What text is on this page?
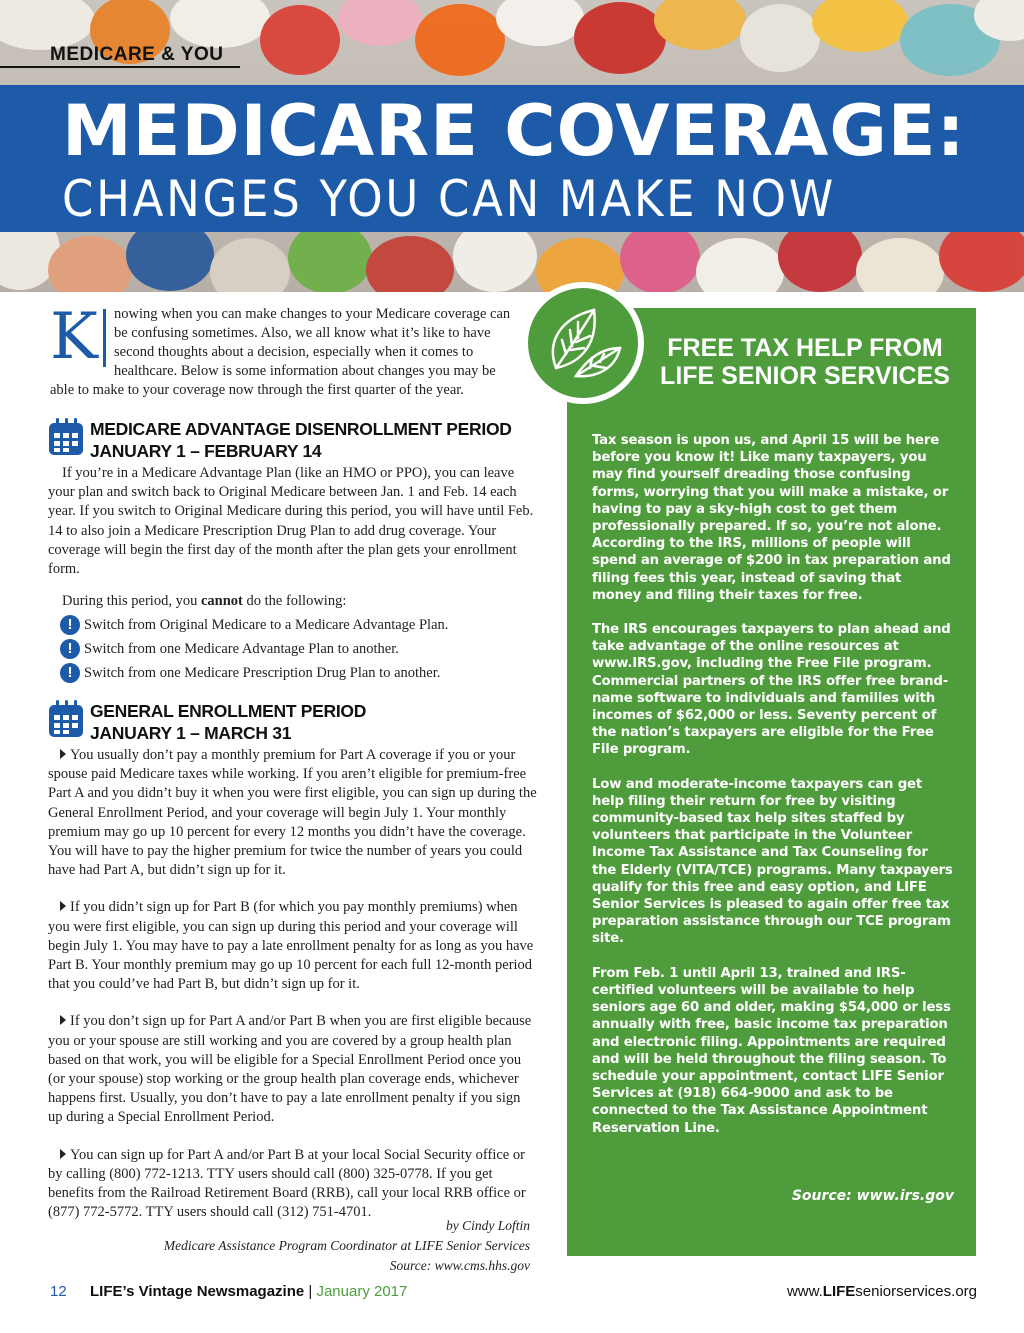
MEDICARE & YOU
MEDICARE COVERAGE:
CHANGES YOU CAN MAKE NOW
K	nowing when you can make changes to your Medicare coverage can be confusing sometimes. Also, we all know what it’s like to have second thoughts about a decision, especially when it comes to healthcare. Below is some information about changes you may be able to make to your coverage now through the first quarter of the year.
MEDICARE ADVANTAGE DISENROLLMENT PERIOD
JANUARY 1 – FEBRUARY 14

If you’re in a Medicare Advantage Plan (like an HMO or PPO), you can leave your plan and switch back to Original Medicare between Jan. 1 and Feb. 14 each year. If you switch to Original Medicare during this period, you will have until Feb. 14 to also join a Medicare Prescription Drug Plan to add drug coverage. Your coverage will begin the first day of the month after the plan gets your enrollment form.

During this period, you cannot do the following:

! Switch from Original Medicare to a Medicare Advantage Plan.
! Switch from one Medicare Advantage Plan to another.
! Switch from one Medicare Prescription Drug Plan to another.
GENERAL ENROLLMENT PERIOD
JANUARY 1 – MARCH 31

You usually don’t pay a monthly premium for Part A coverage if you or your spouse paid Medicare taxes while working. If you aren’t eligible for premium-free Part A and you didn’t buy it when you were first eligible, you can sign up during the General Enrollment Period, and your coverage will begin July 1. Your monthly premium may go up 10 percent for every 12 months you didn’t have the coverage. You will have to pay the higher premium for twice the number of years you could have had Part A, but didn’t sign up for it.

If you didn’t sign up for Part B (for which you pay monthly premiums) when you were first eligible, you can sign up during this period and your coverage will begin July 1. You may have to pay a late enrollment penalty for as long as you have Part B. Your monthly premium may go up 10 percent for each full 12-month period that you could’ve had Part B, but didn’t sign up for it.

If you don’t sign up for Part A and/or Part B when you are first eligible because you or your spouse are still working and you are covered by a group health plan based on that work, you will be eligible for a Special Enrollment Period once you (or your spouse) stop working or the group health plan coverage ends, whichever happens first. Usually, you don’t have to pay a late enrollment penalty if you sign up during a Special Enrollment Period.

You can sign up for Part A and/or Part B at your local Social Security office or by calling (800) 772-1213. TTY users should call (800) 325-0778. If you get benefits from the Railroad Retirement Board (RRB), call your local RRB office or (877) 772-5772. TTY users should call (312) 751-4701.

by Cindy Loftin
Medicare Assistance Program Coordinator at LIFE Senior Services
Source: www.cms.hhs.gov
FREE TAX HELP FROM
LIFE SENIOR SERVICES

Tax season is upon us, and April 15 will be here before you know it! Like many taxpayers, you may find yourself dreading those confusing forms, worrying that you will make a mistake, or having to pay a sky-high cost to get them professionally prepared. If so, you’re not alone. According to the IRS, millions of people will spend an average of $200 in tax preparation and filing fees this year, instead of saving that money and filing their taxes for free.

The IRS encourages taxpayers to plan ahead and take advantage of the online resources at www.IRS.gov, including the Free File program. Commercial partners of the IRS offer free brand-name software to individuals and families with incomes of $62,000 or less. Seventy percent of the nation’s taxpayers are eligible for the Free File program.

Low and moderate-income taxpayers can get help filing their return for free by visiting community-based tax help sites staffed by volunteers that participate in the Volunteer Income Tax Assistance and Tax Counseling for the Elderly (VITA/TCE) programs. Many taxpayers qualify for this free and easy option, and LIFE Senior Services is pleased to again offer free tax preparation assistance through our TCE program site.

From Feb. 1 until April 13, trained and IRS-certified volunteers will be available to help seniors age 60 and older, making $54,000 or less annually with free, basic income tax preparation and electronic filing. Appointments are required and will be held throughout the filing season. To schedule your appointment, contact LIFE Senior Services at (918) 664-9000 and ask to be connected to the Tax Assistance Appointment Reservation Line.

Source: www.irs.gov
12 LIFE’s Vintage Newsmagazine | January 2017	www.LIFEseniorservices.org
